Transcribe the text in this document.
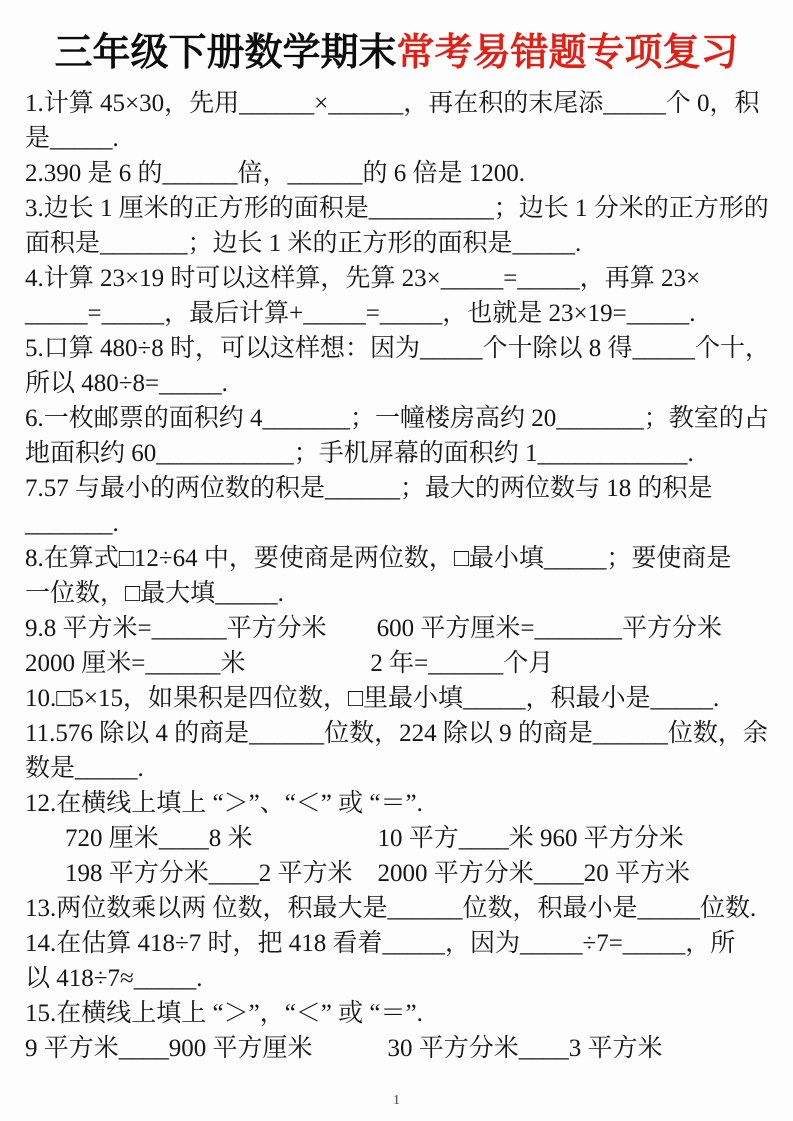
三年级下册数学期末常考易错题专项复习

1.计算 45×30，先用______×______，再在积的末尾添_____个 0，积

是_____.

2.390 是 6 的______倍，______的 6 倍是 1200.

3.边长 1 厘米的正方形的面积是__________；边长 1 分米的正方形的

面积是_______；边长 1 米的正方形的面积是_____.

4.计算 23×19 时可以这样算，先算 23×_____=_____，再算 23×

_____=_____，最后计算+_____=_____，也就是 23×19=_____.

5.口算 480÷8 时，可以这样想：因为_____个十除以 8 得_____个十，

所以 480÷8=_____.

6.一枚邮票的面积约 4_______；一幢楼房高约 20_______；教室的占

地面积约 60___________；手机屏幕的面积约 1____________.

7.57 与最小的两位数的积是______；最大的两位数与 18 的积是

_______.

8.在算式□12÷64 中，要使商是两位数，□最小填_____；要使商是

一位数，□最大填_____.

9.8 平方米=______平方分米　　600 平方厘米=_______平方分米

2000 厘米=______米　　　　　2 年=______个月

10.□5×15，如果积是四位数，□里最小填_____，积最小是_____.

11.576 除以 4 的商是______位数，224 除以 9 的商是______位数，余

数是_____.

12.在横线上填上 “＞”、“＜” 或 “＝”.

720 厘米____8 米　　　　　10 平方____米 960 平方分米

198 平方分米____2 平方米　2000 平方分米____20 平方米

13.两位数乘以两 位数，积最大是______位数，积最小是_____位数.

14.在估算 418÷7 时，把 418 看着_____，因为_____÷7=_____，所

以 418÷7≈_____.

15.在横线上填上 “＞”，“＜” 或 “＝”.

9 平方米____900 平方厘米　　　30 平方分米____3 平方米

1
